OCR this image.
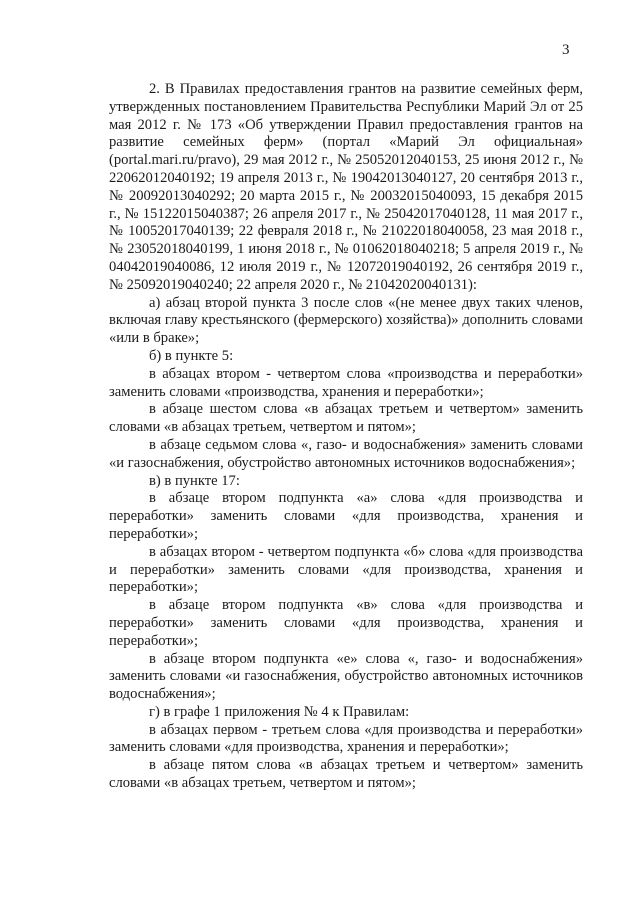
3

2. В Правилах предоставления грантов на развитие семейных ферм, утвержденных постановлением Правительства Республики Марий Эл от 25 мая 2012 г. № 173 «Об утверждении Правил предоставления грантов на развитие семейных ферм» (портал «Марий Эл официальная» (portal.mari.ru/pravo), 29 мая 2012 г., № 25052012040153, 25 июня 2012 г., № 22062012040192; 19 апреля 2013 г., № 19042013040127, 20 сентября 2013 г., № 20092013040292; 20 марта 2015 г., № 20032015040093, 15 декабря 2015 г., № 15122015040387; 26 апреля 2017 г., № 25042017040128, 11 мая 2017 г., № 10052017040139; 22 февраля 2018 г., № 21022018040058, 23 мая 2018 г., № 23052018040199, 1 июня 2018 г., № 01062018040218; 5 апреля 2019 г., № 04042019040086, 12 июля 2019 г., № 12072019040192, 26 сентября 2019 г., № 25092019040240; 22 апреля 2020 г., № 21042020040131):

а) абзац второй пункта 3 после слов «(не менее двух таких членов, включая главу крестьянского (фермерского) хозяйства)» дополнить словами «или в браке»;

б) в пункте 5:

в абзацах втором - четвертом слова «производства и переработки» заменить словами «производства, хранения и переработки»;

в абзаце шестом слова «в абзацах третьем и четвертом» заменить словами «в абзацах третьем, четвертом и пятом»;

в абзаце седьмом слова «, газо- и водоснабжения» заменить словами «и газоснабжения, обустройство автономных источников водоснабжения»;

в) в пункте 17:

в абзаце втором подпункта «а» слова «для производства и переработки» заменить словами «для производства, хранения и переработки»;

в абзацах втором - четвертом подпункта «б» слова «для производства и переработки» заменить словами «для производства, хранения и переработки»;

в абзаце втором подпункта «в» слова «для производства и переработки» заменить словами «для производства, хранения и переработки»;

в абзаце втором подпункта «е» слова «, газо- и водоснабжения» заменить словами «и газоснабжения, обустройство автономных источников водоснабжения»;

г) в графе 1 приложения № 4 к Правилам:

в абзацах первом - третьем слова «для производства и переработки» заменить словами «для производства, хранения и переработки»;

в абзаце пятом слова «в абзацах третьем и четвертом» заменить словами «в абзацах третьем, четвертом и пятом»;
